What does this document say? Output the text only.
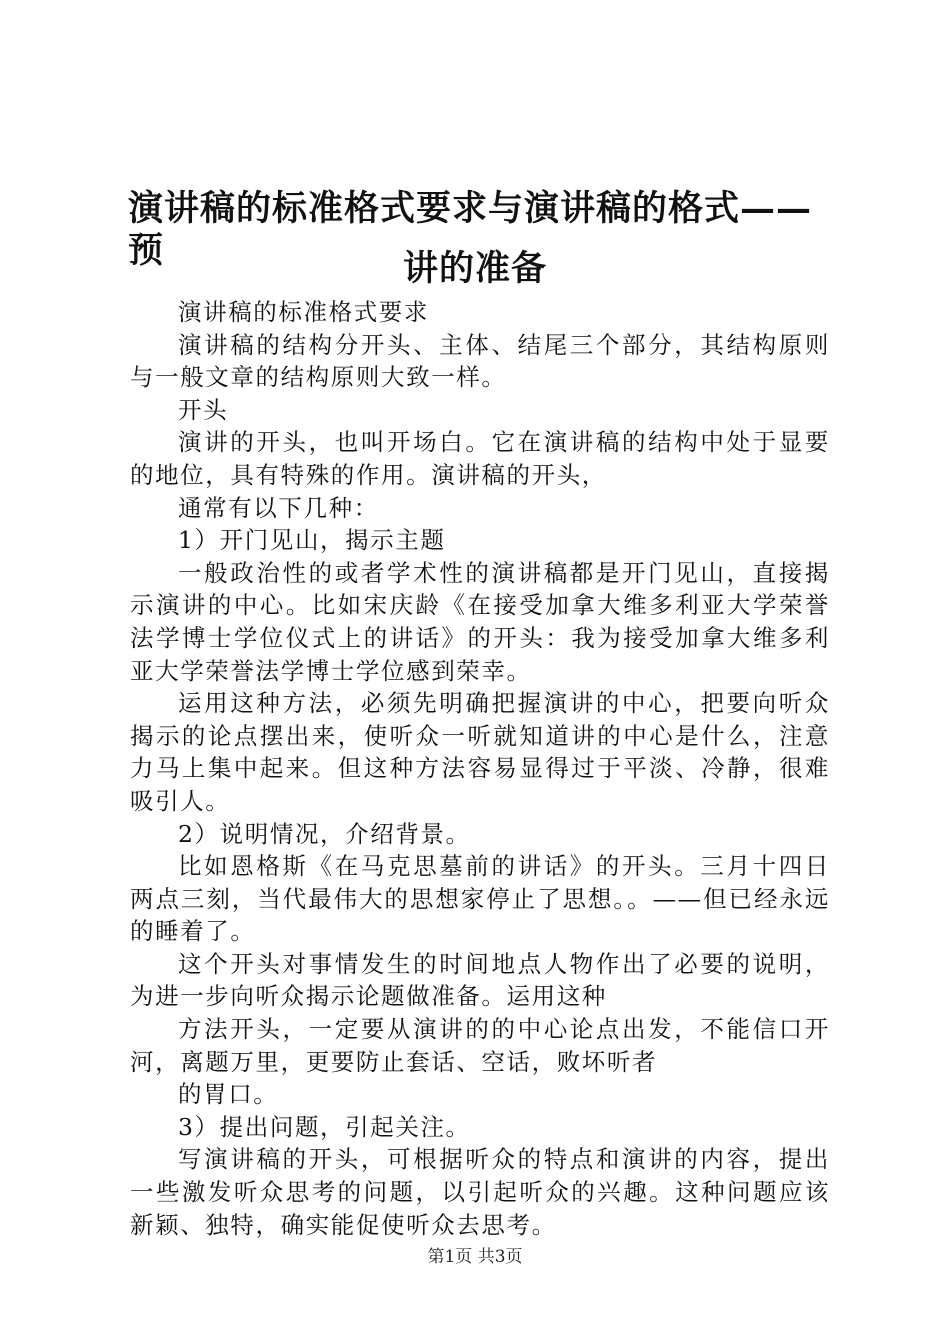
演讲稿的标准格式要求与演讲稿的格式——预	讲的准备

演讲稿的标准格式要求

演讲稿的结构分开头、主体、结尾三个部分，其结构原则与一般文章的结构原则大致一样。

开头

演讲的开头，也叫开场白。它在演讲稿的结构中处于显要的地位，具有特殊的作用。演讲稿的开头，

通常有以下几种：

1）开门见山，揭示主题

一般政治性的或者学术性的演讲稿都是开门见山，直接揭示演讲的中心。比如宋庆龄《在接受加拿大维多利亚大学荣誉法学博士学位仪式上的讲话》的开头：我为接受加拿大维多利亚大学荣誉法学博士学位感到荣幸。

运用这种方法，必须先明确把握演讲的中心，把要向听众揭示的论点摆出来，使听众一听就知道讲的中心是什么，注意力马上集中起来。但这种方法容易显得过于平淡、冷静，很难吸引人。

2）说明情况，介绍背景。

比如恩格斯《在马克思墓前的讲话》的开头。三月十四日两点三刻，当代最伟大的思想家停止了思想。。——但已经永远的睡着了。

这个开头对事情发生的时间地点人物作出了必要的说明，为进一步向听众揭示论题做准备。运用这种

方法开头，一定要从演讲的的中心论点出发，不能信口开河，离题万里，更要防止套话、空话，败坏听者

的胃口。

3）提出问题，引起关注。

写演讲稿的开头，可根据听众的特点和演讲的内容，提出一些激发听众思考的问题，以引起听众的兴趣。这种问题应该新颖、独特，确实能促使听众去思考。

第1页 共3页
